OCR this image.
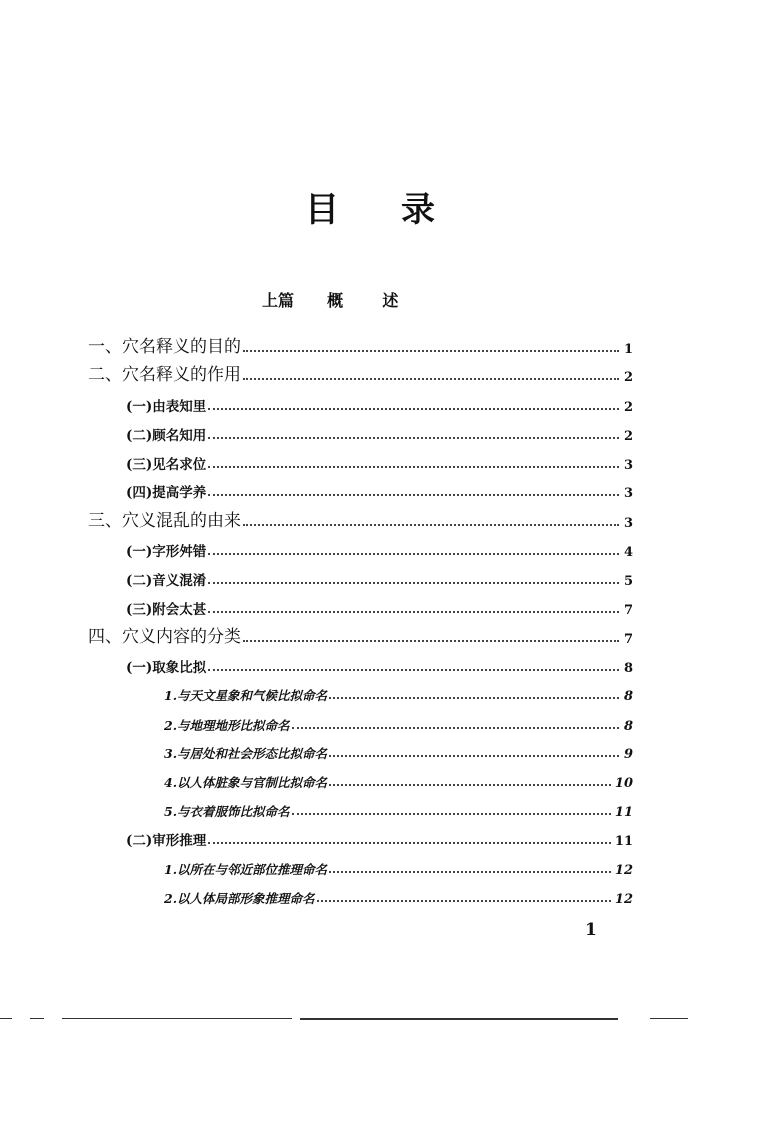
目 录
上篇 概 述
一、穴名释义的目的	1
二、穴名释义的作用	2
(一)由表知里	2
(二)顾名知用	2
(三)见名求位	3
(四)提高学养	3
三、穴义混乱的由来	3
(一)字形舛错	4
(二)音义混淆	5
(三)附会太甚	7
四、穴义内容的分类	7
(一)取象比拟	8
1.与天文星象和气候比拟命名	8
2.与地理地形比拟命名	8
3.与居处和社会形态比拟命名	9
4.以人体脏象与官制比拟命名	10
5.与衣着服饰比拟命名	11
(二)审形推理	11
1.以所在与邻近部位推理命名	12
2.以人体局部形象推理命名	12
1
